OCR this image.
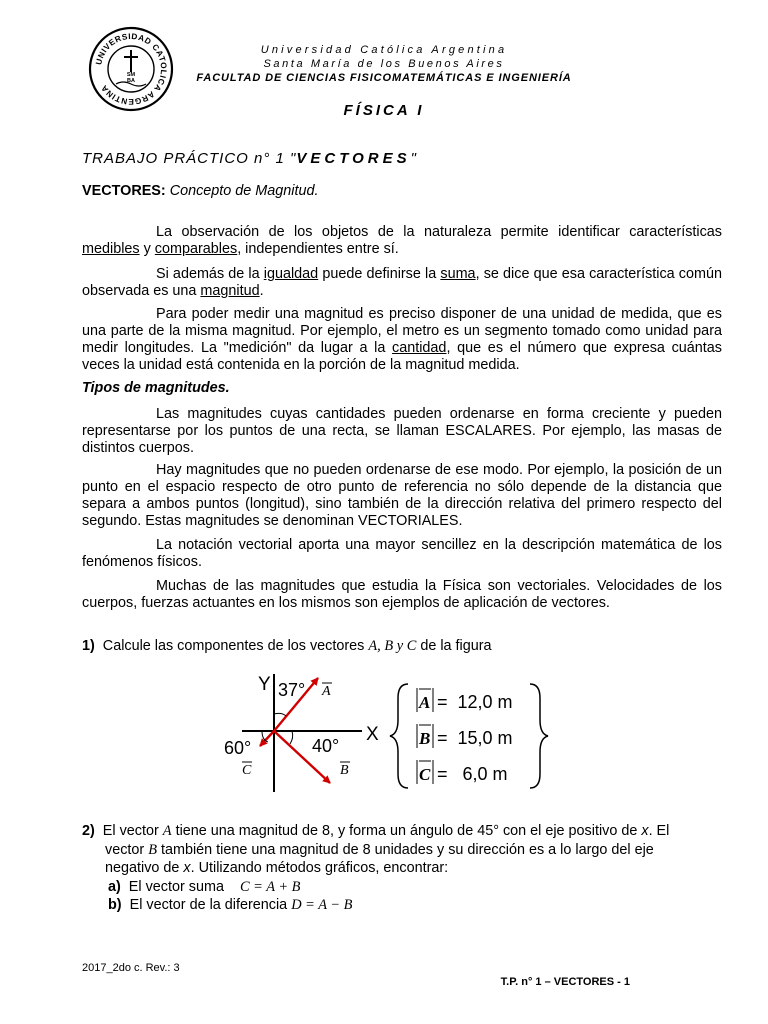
UNIVERSIDAD CATOLICA ARGENTINA
SM
BA
Universidad Católica Argentina
Santa María de los Buenos Aires
FACULTAD DE CIENCIAS FISICOMATEMÁTICAS E INGENIERÍA
FÍSICA I
TRABAJO PRÁCTICO n° 1 "VECTORES"
VECTORES: Concepto de Magnitud.
La observación de los objetos de la naturaleza permite identificar características medibles y comparables, independientes entre sí.
Si además de la igualdad puede definirse la suma, se dice que esa característica común observada es una magnitud.
Para poder medir una magnitud es preciso disponer de una unidad de medida, que es una parte de la misma magnitud. Por ejemplo, el metro es un segmento tomado como unidad para medir longitudes. La "medición" da lugar a la cantidad, que es el número que expresa cuántas veces la unidad está contenida en la porción de la magnitud medida.
Tipos de magnitudes.
Las magnitudes cuyas cantidades pueden ordenarse en forma creciente y pueden representarse por los puntos de una recta, se llaman ESCALARES. Por ejemplo, las masas de distintos cuerpos.
Hay magnitudes que no pueden ordenarse de ese modo. Por ejemplo, la posición de un punto en el espacio respecto de otro punto de referencia no sólo depende de la distancia que separa a ambos puntos (longitud), sino también de la dirección relativa del primero respecto del segundo. Estas magnitudes se denominan VECTORIALES.
La notación vectorial aporta una mayor sencillez en la descripción matemática de los fenómenos físicos.
Muchas de las magnitudes que estudia la Física son vectoriales. Velocidades de los cuerpos, fuerzas actuantes en los mismos son ejemplos de aplicación de vectores.
1) Calcule las componentes de los vectores A, B y C de la figura
Y
X
37°
40°
60°
A
B
C
A =  12,0 m
B =  15,0 m
C =   6,0 m
2) El vector A tiene una magnitud de 8, y forma un ángulo de 45° con el eje positivo de x. El
vector B también tiene una magnitud de 8 unidades y su dirección es a lo largo del eje
negativo de x. Utilizando métodos gráficos, encontrar:
a) El vector suma C = A + B
b) El vector de la diferencia D = A − B
2017_2do c. Rev.: 3
T.P. n° 1 – VECTORES - 1
